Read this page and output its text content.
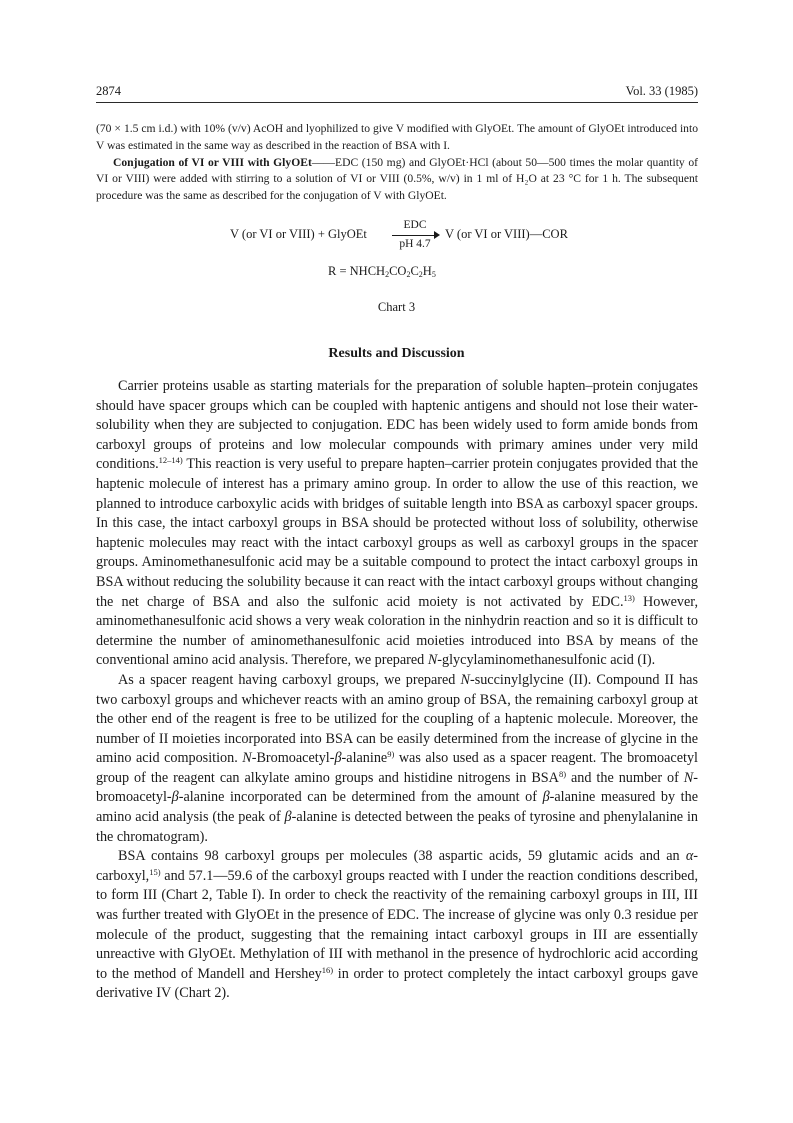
2874	Vol. 33 (1985)

(70 × 1.5 cm i.d.) with 10% (v/v) AcOH and lyophilized to give V modified with GlyOEt. The amount of GlyOEt introduced into V was estimated in the same way as described in the reaction of BSA with I.

Conjugation of VI or VIII with GlyOEt——EDC (150 mg) and GlyOEt·HCl (about 50—500 times the molar quantity of VI or VIII) were added with stirring to a solution of VI or VIII (0.5%, w/v) in 1 ml of H₂O at 23 °C for 1 h. The subsequent procedure was the same as described for the conjugation of V with GlyOEt.

V (or VI or VIII) + GlyOEt
EDC
pH 4.7
V (or VI or VIII)—COR
$R = NHCH_2CO_2C_2H_5$
Chart 3
Results and Discussion

Carrier proteins usable as starting materials for the preparation of soluble hapten–protein conjugates should have spacer groups which can be coupled with haptenic antigens and should not lose their water-solubility when they are subjected to conjugation. EDC has been widely used to form amide bonds from carboxyl groups of proteins and low molecular compounds with primary amines under very mild conditions.$^{12-14)}$ This reaction is very useful to prepare hapten–carrier protein conjugates provided that the haptenic molecule of interest has a primary amino group. In order to allow the use of this reaction, we planned to introduce carboxylic acids with bridges of suitable length into BSA as carboxyl spacer groups. In this case, the intact carboxyl groups in BSA should be protected without loss of solubility, otherwise haptenic molecules may react with the intact carboxyl groups as well as carboxyl groups in the spacer groups. Aminomethanesulfonic acid may be a suitable compound to protect the intact carboxyl groups in BSA without reducing the solubility because it can react with the intact carboxyl groups without changing the net charge of BSA and also the sulfonic acid moiety is not activated by EDC.$^{13)}$ However, aminomethanesulfonic acid shows a very weak coloration in the ninhydrin reaction and so it is difficult to determine the number of aminomethanesulfonic acid moieties introduced into BSA by means of the conventional amino acid analysis. Therefore, we prepared N-glycylaminomethanesulfonic acid (I).

As a spacer reagent having carboxyl groups, we prepared N-succinylglycine (II). Compound II has two carboxyl groups and whichever reacts with an amino group of BSA, the remaining carboxyl group at the other end of the reagent is free to be utilized for the coupling of a haptenic molecule. Moreover, the number of II moieties incorporated into BSA can be easily determined from the increase of glycine in the amino acid composition. N-Bromoacetyl-β-alanine$^{9)}$ was also used as a spacer reagent. The bromoacetyl group of the reagent can alkylate amino groups and histidine nitrogens in BSA$^{8)}$ and the number of N-bromoacetyl-β-alanine incorporated can be determined from the amount of β-alanine measured by the amino acid analysis (the peak of β-alanine is detected between the peaks of tyrosine and phenylalanine in the chromatogram).

BSA contains 98 carboxyl groups per molecules (38 aspartic acids, 59 glutamic acids and an α-carboxyl,$^{15)}$ and 57.1—59.6 of the carboxyl groups reacted with I under the reaction conditions described, to form III (Chart 2, Table I). In order to check the reactivity of the remaining carboxyl groups in III, III was further treated with GlyOEt in the presence of EDC. The increase of glycine was only 0.3 residue per molecule of the product, suggesting that the remaining intact carboxyl groups in III are essentially unreactive with GlyOEt. Methylation of III with methanol in the presence of hydrochloric acid according to the method of Mandell and Hershey$^{16)}$ in order to protect completely the intact carboxyl groups gave derivative IV (Chart 2).
